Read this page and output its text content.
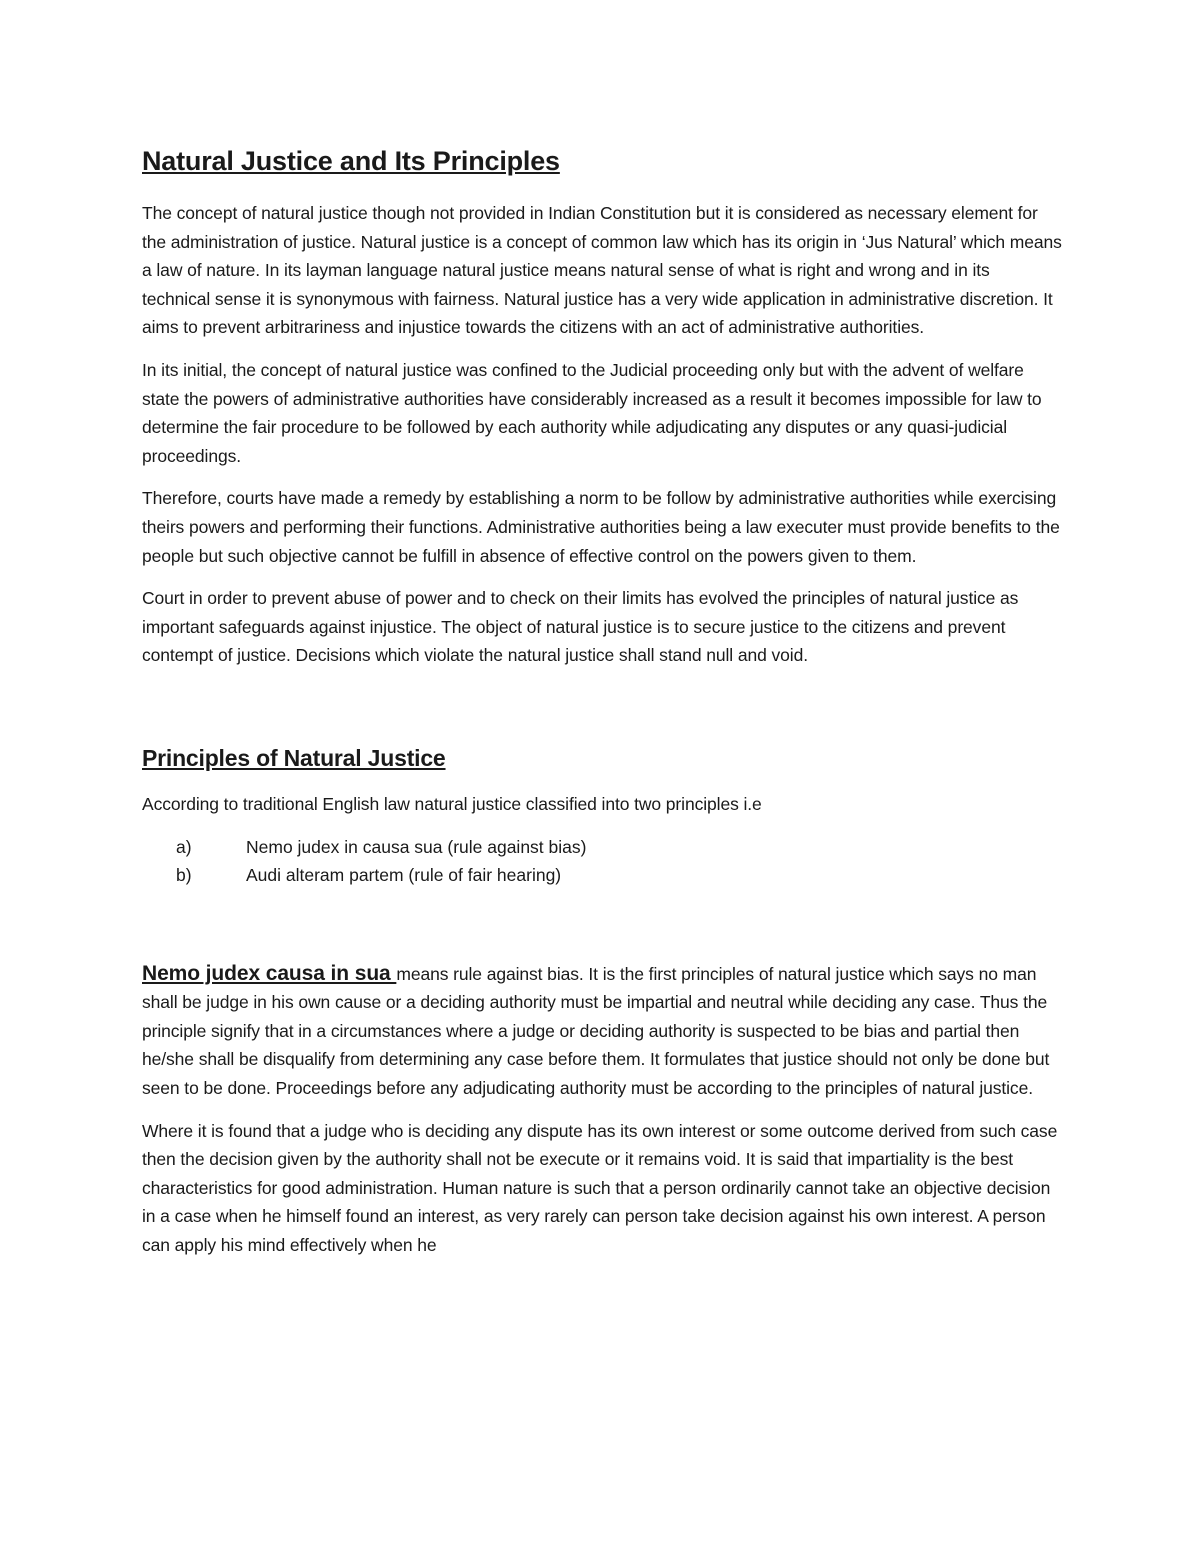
Natural Justice and Its Principles

The concept of natural justice though not provided in Indian Constitution but it is considered as necessary element for the administration of justice. Natural justice is a concept of common law which has its origin in ‘Jus Natural’ which means a law of nature. In its layman language natural justice means natural sense of what is right and wrong and in its technical sense it is synonymous with fairness. Natural justice has a very wide application in administrative discretion. It aims to prevent arbitrariness and injustice towards the citizens with an act of administrative authorities.

In its initial, the concept of natural justice was confined to the Judicial proceeding only but with the advent of welfare state the powers of administrative authorities have considerably increased as a result it becomes impossible for law to determine the fair procedure to be followed by each authority while adjudicating any disputes or any quasi-judicial proceedings.

Therefore, courts have made a remedy by establishing a norm to be follow by administrative authorities while exercising theirs powers and performing their functions. Administrative authorities being a law executer must provide benefits to the people but such objective cannot be fulfill in absence of effective control on the powers given to them.

Court in order to prevent abuse of power and to check on their limits has evolved the principles of natural justice as important safeguards against injustice. The object of natural justice is to secure justice to the citizens and prevent contempt of justice. Decisions which violate the natural justice shall stand null and void.

Principles of Natural Justice

According to traditional English law natural justice classified into two principles i.e

a)	Nemo judex in causa sua (rule against bias)
b)	Audi alteram partem (rule of fair hearing)

Nemo judex causa in sua means rule against bias. It is the first principles of natural justice which says no man shall be judge in his own cause or a deciding authority must be impartial and neutral while deciding any case. Thus the principle signify that in a circumstances where a judge or deciding authority is suspected to be bias and partial then he/she shall be disqualify from determining any case before them. It formulates that justice should not only be done but seen to be done. Proceedings before any adjudicating authority must be according to the principles of natural justice.

Where it is found that a judge who is deciding any dispute has its own interest or some outcome derived from such case then the decision given by the authority shall not be execute or it remains void. It is said that impartiality is the best characteristics for good administration. Human nature is such that a person ordinarily cannot take an objective decision in a case when he himself found an interest, as very rarely can person take decision against his own interest. A person can apply his mind effectively when he
